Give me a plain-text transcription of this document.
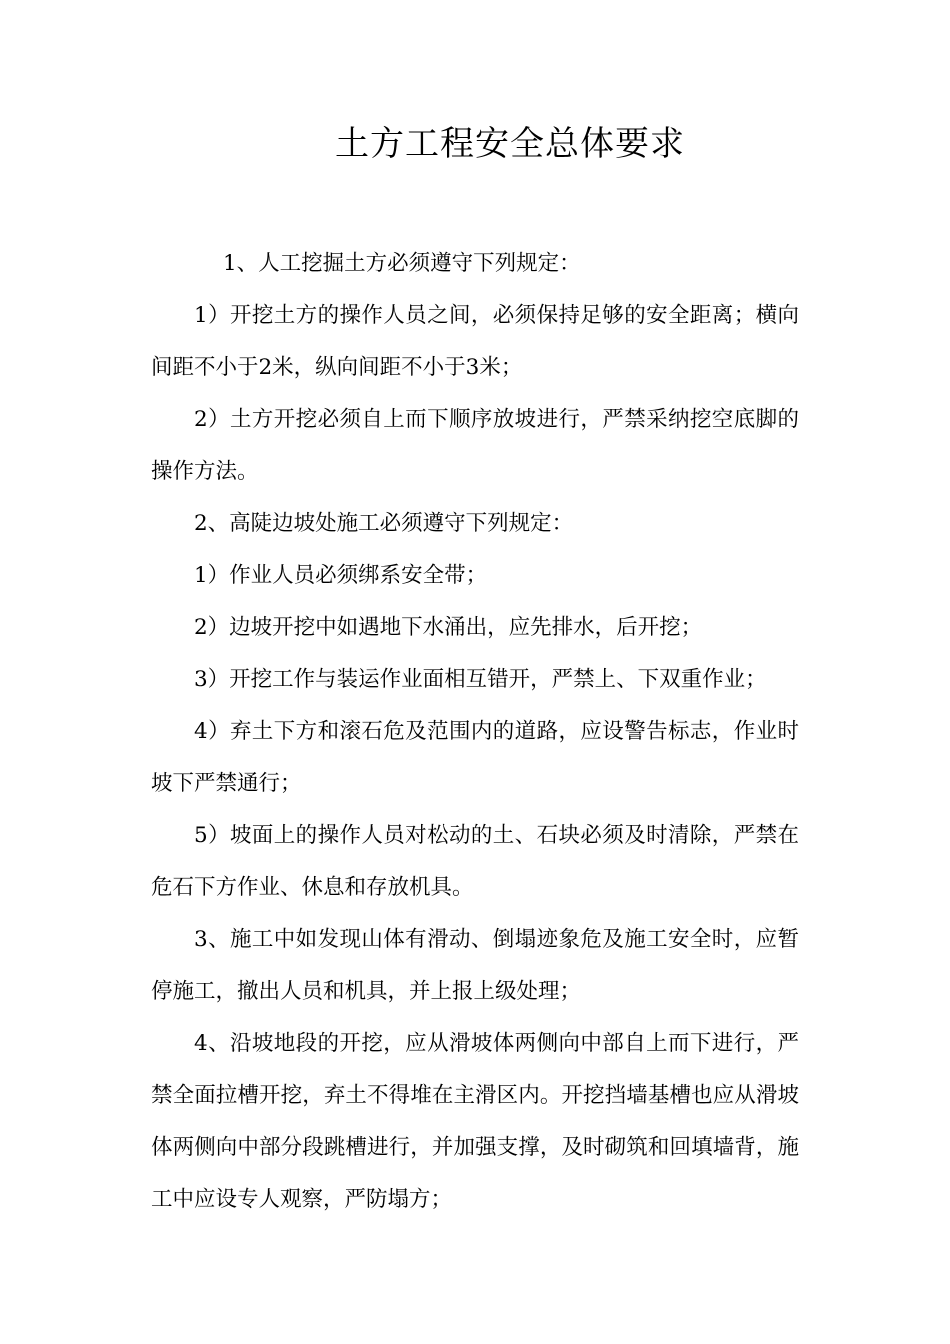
土方工程安全总体要求

1、人工挖掘土方必须遵守下列规定：

1）开挖土方的操作人员之间，必须保持足够的安全距离；横向间距不小于2米，纵向间距不小于3米；

2）土方开挖必须自上而下顺序放坡进行，严禁采纳挖空底脚的操作方法。

2、高陡边坡处施工必须遵守下列规定：

1）作业人员必须绑系安全带；

2）边坡开挖中如遇地下水涌出，应先排水，后开挖；

3）开挖工作与装运作业面相互错开，严禁上、下双重作业；

4）弃土下方和滚石危及范围内的道路，应设警告标志，作业时坡下严禁通行；

5）坡面上的操作人员对松动的土、石块必须及时清除，严禁在危石下方作业、休息和存放机具。

3、施工中如发现山体有滑动、倒塌迹象危及施工安全时，应暂停施工，撤出人员和机具，并上报上级处理；

4、沿坡地段的开挖，应从滑坡体两侧向中部自上而下进行，严禁全面拉槽开挖，弃土不得堆在主滑区内。开挖挡墙基槽也应从滑坡体两侧向中部分段跳槽进行，并加强支撑，及时砌筑和回填墙背，施工中应设专人观察，严防塌方；
